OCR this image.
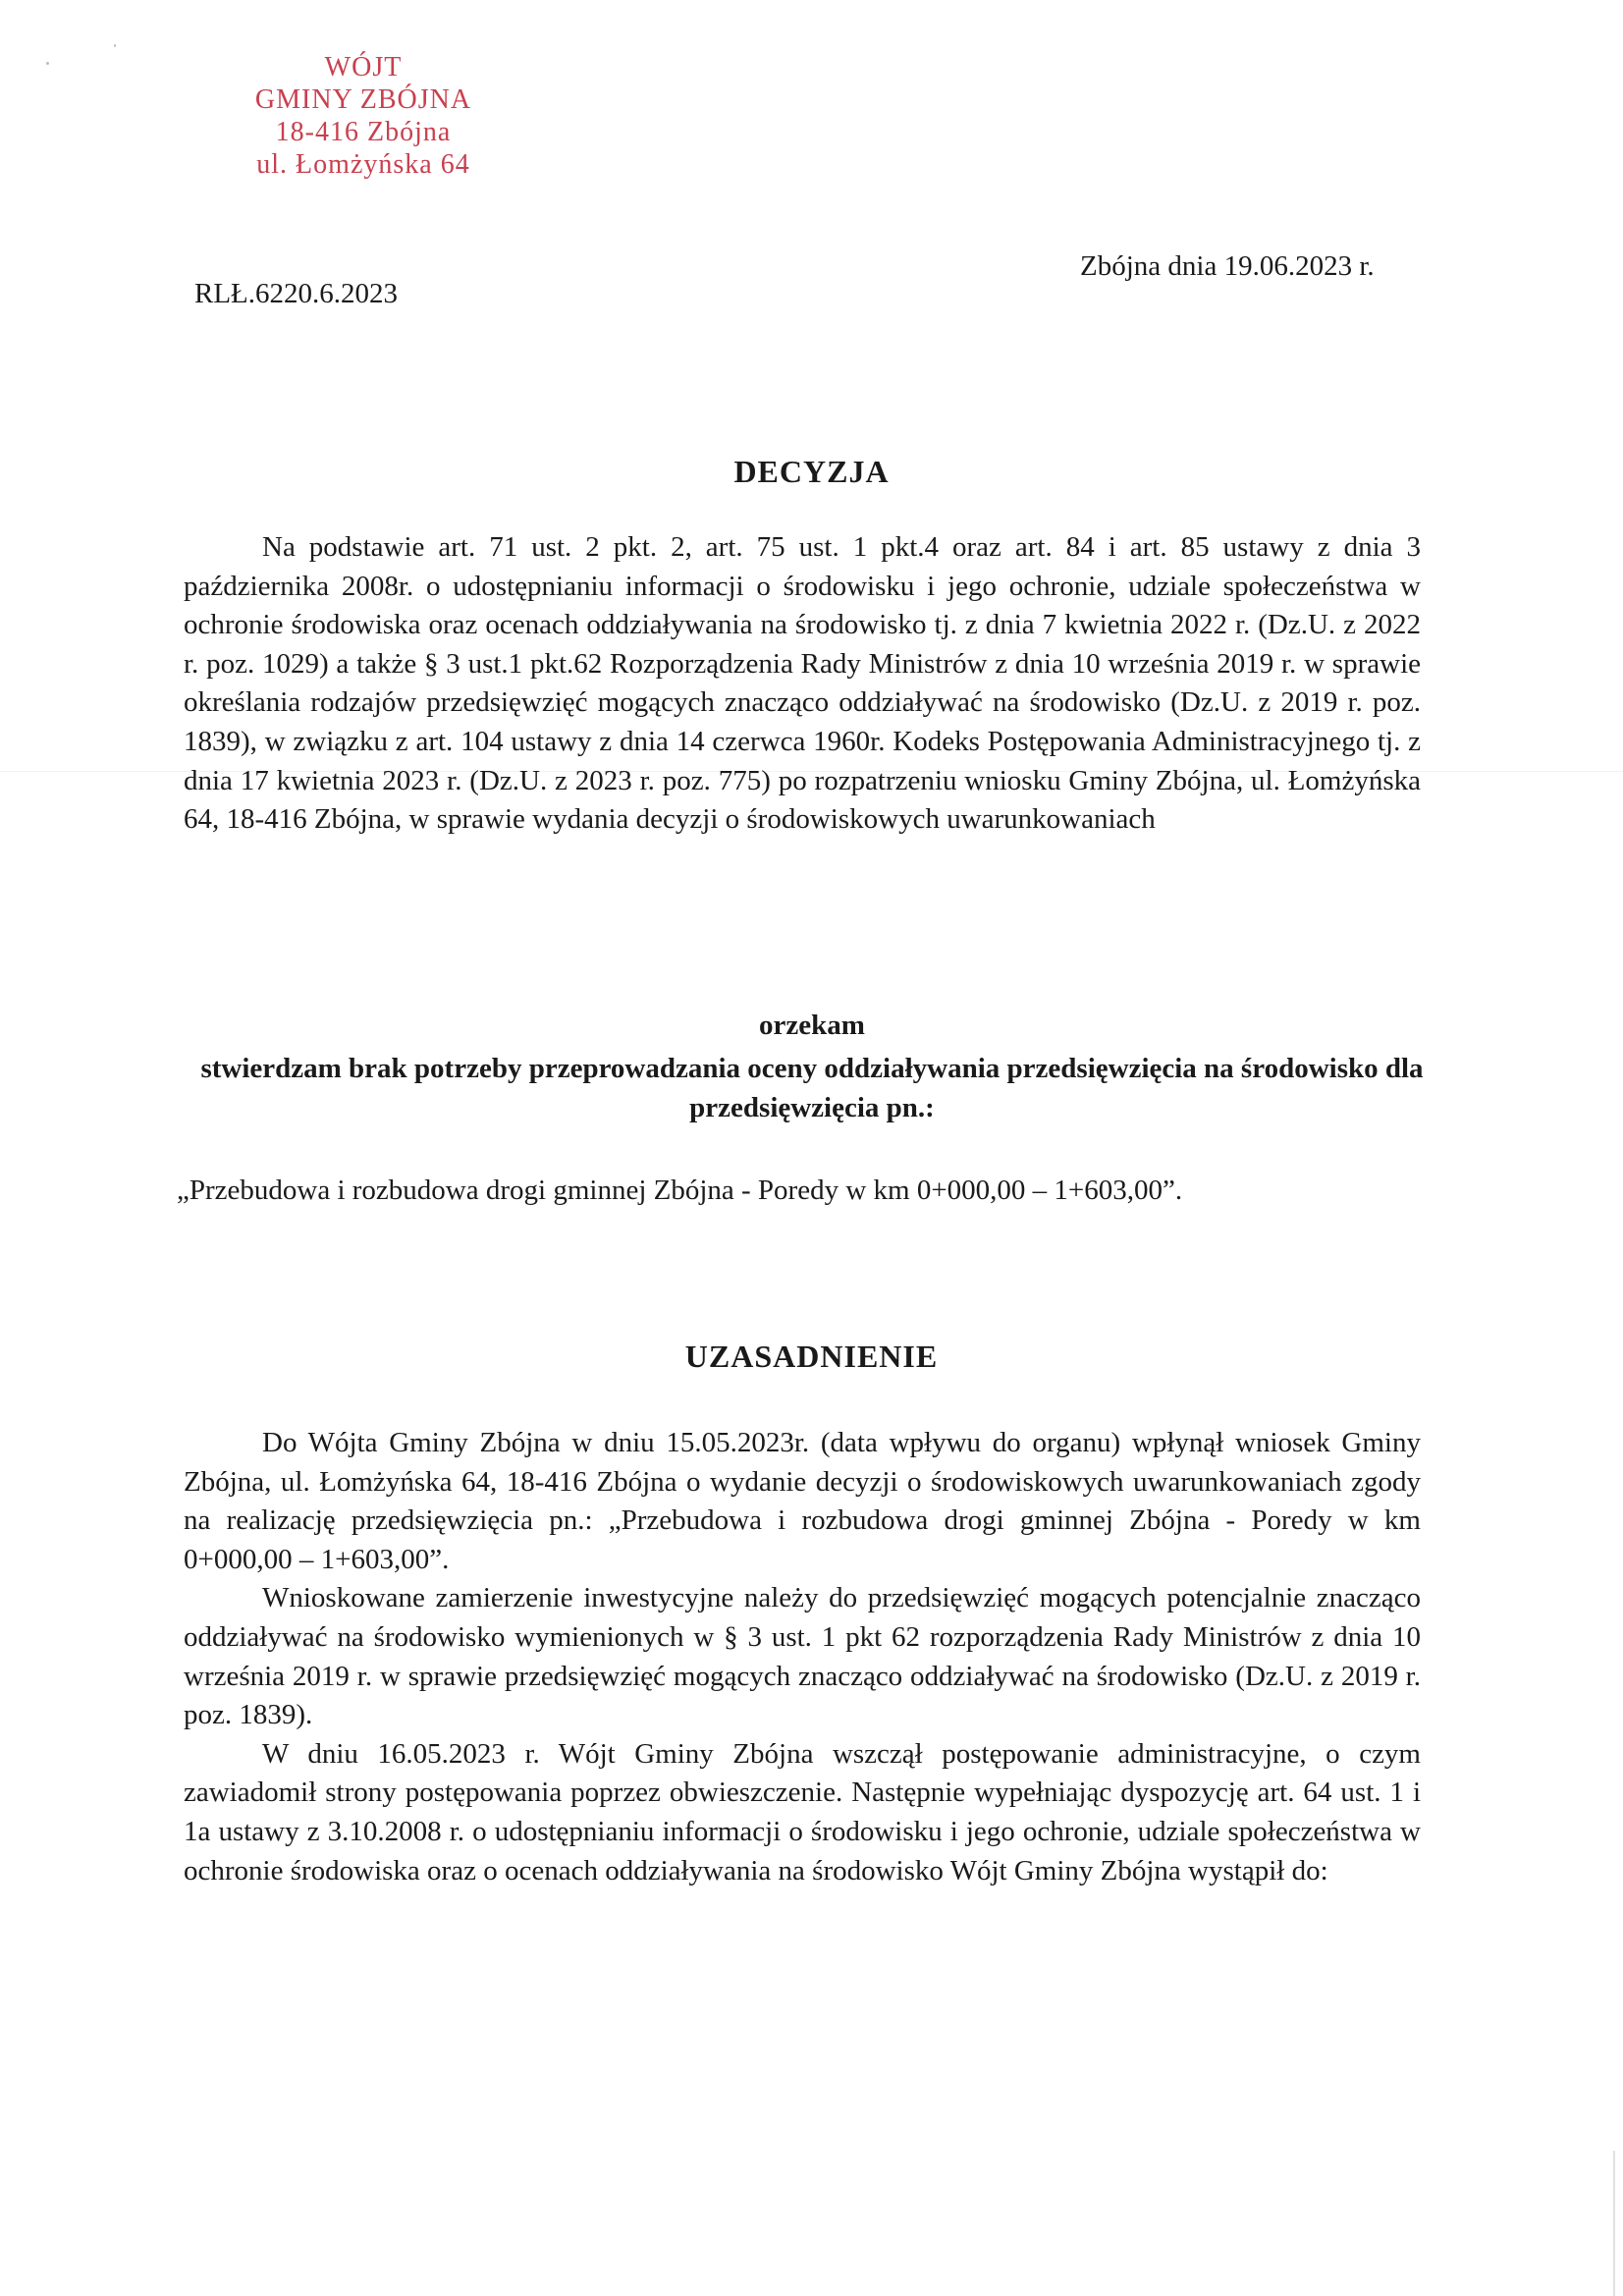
WÓJT
GMINY ZBÓJNA
18-416 Zbójna
ul. Łomżyńska 64
RLŁ.6220.6.2023
Zbójna dnia 19.06.2023 r.
DECYZJA

Na podstawie art. 71 ust. 2 pkt. 2, art. 75 ust. 1 pkt.4 oraz art. 84 i art. 85 ustawy z dnia 3 października 2008r. o udostępnianiu informacji o środowisku i jego ochronie, udziale społeczeństwa w ochronie środowiska oraz ocenach oddziaływania na środowisko tj. z dnia 7 kwietnia 2022 r. (Dz.U. z 2022 r. poz. 1029) a także § 3 ust.1 pkt.62 Rozporządzenia Rady Ministrów z dnia 10 września 2019 r. w sprawie określania rodzajów przedsięwzięć mogących znacząco oddziaływać na środowisko (Dz.U. z 2019 r. poz. 1839), w związku z art. 104 ustawy z dnia 14 czerwca 1960r. Kodeks Postępowania Administracyjnego tj. z dnia 17 kwietnia 2023 r. (Dz.U. z 2023 r. poz. 775) po rozpatrzeniu wniosku Gminy Zbójna, ul. Łomżyńska 64, 18-416 Zbójna, w sprawie wydania decyzji o środowiskowych uwarunkowaniach

orzekam
stwierdzam brak potrzeby przeprowadzania oceny oddziaływania przedsięwzięcia na środowisko dla przedsięwzięcia pn.:
„Przebudowa i rozbudowa drogi gminnej Zbójna - Poredy w km 0+000,00 – 1+603,00”.
UZASADNIENIE

Do Wójta Gminy Zbójna w dniu 15.05.2023r. (data wpływu do organu) wpłynął wniosek Gminy Zbójna, ul. Łomżyńska 64, 18-416 Zbójna o wydanie decyzji o środowiskowych uwarunkowaniach zgody na realizację przedsięwzięcia pn.: „Przebudowa i rozbudowa drogi gminnej Zbójna - Poredy w km 0+000,00 – 1+603,00”.

Wnioskowane zamierzenie inwestycyjne należy do przedsięwzięć mogących potencjalnie znacząco oddziaływać na środowisko wymienionych w § 3 ust. 1 pkt 62 rozporządzenia Rady Ministrów z dnia 10 września 2019 r. w sprawie przedsięwzięć mogących znacząco oddziaływać na środowisko (Dz.U. z 2019 r. poz. 1839).

W dniu 16.05.2023 r. Wójt Gminy Zbójna wszczął postępowanie administracyjne, o czym zawiadomił strony postępowania poprzez obwieszczenie. Następnie wypełniając dyspozycję art. 64 ust. 1 i 1a ustawy z 3.10.2008 r. o udostępnianiu informacji o środowisku i jego ochronie, udziale społeczeństwa w ochronie środowiska oraz o ocenach oddziaływania na środowisko Wójt Gminy Zbójna wystąpił do:
